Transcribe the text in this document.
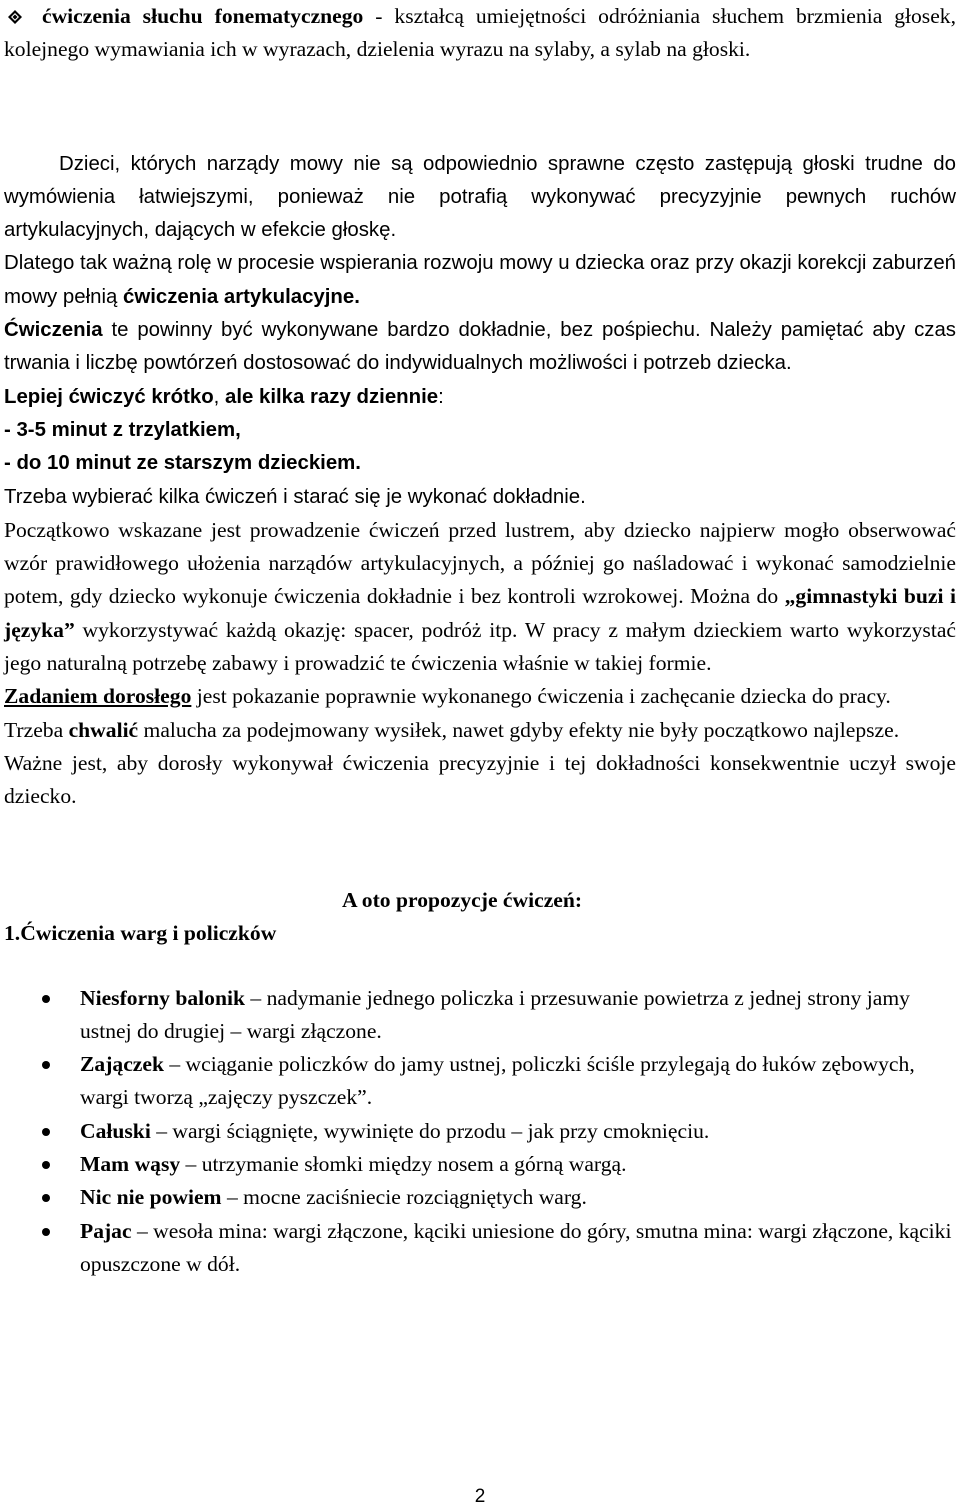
ćwiczenia słuchu fonematycznego - kształcą umiejętności odróżniania słuchem brzmienia głosek, kolejnego wymawiania ich w wyrazach, dzielenia wyrazu na sylaby, a sylab na głoski.

Dzieci, których narządy mowy nie są odpowiednio sprawne często zastępują głoski trudne do wymówienia łatwiejszymi, ponieważ nie potrafią wykonywać precyzyjnie pewnych ruchów artykulacyjnych, dających w efekcie głoskę.

Dlatego tak ważną rolę w procesie wspierania rozwoju mowy u dziecka oraz przy okazji korekcji zaburzeń mowy pełnią ćwiczenia artykulacyjne.

Ćwiczenia te powinny być wykonywane bardzo dokładnie, bez pośpiechu. Należy pamiętać aby czas trwania i liczbę powtórzeń dostosować do indywidualnych możliwości i potrzeb dziecka.

Lepiej ćwiczyć krótko, ale kilka razy dziennie:

- 3-5 minut z trzylatkiem,

- do 10 minut ze starszym dzieckiem.

Trzeba wybierać kilka ćwiczeń i starać się je wykonać dokładnie.

Początkowo wskazane jest prowadzenie ćwiczeń przed lustrem, aby dziecko najpierw mogło obserwować wzór prawidłowego ułożenia narządów artykulacyjnych, a później go naśladować i wykonać samodzielnie potem, gdy dziecko wykonuje ćwiczenia dokładnie i bez kontroli wzrokowej. Można do „gimnastyki buzi i języka” wykorzystywać każdą okazję: spacer, podróż itp. W pracy z małym dzieckiem warto wykorzystać jego naturalną potrzebę zabawy i prowadzić te ćwiczenia właśnie w takiej formie.

Zadaniem dorosłego jest pokazanie poprawnie wykonanego ćwiczenia i zachęcanie dziecka do pracy.

Trzeba chwalić malucha za podejmowany wysiłek, nawet gdyby efekty nie były początkowo najlepsze.

Ważne jest, aby dorosły wykonywał ćwiczenia precyzyjnie i tej dokładności konsekwentnie uczył swoje dziecko.

A oto propozycje ćwiczeń:

1.Ćwiczenia warg i policzków

Niesforny balonik – nadymanie jednego policzka i przesuwanie powietrza z jednej strony jamy ustnej do drugiej – wargi złączone.
Zajączek – wciąganie policzków do jamy ustnej, policzki ściśle przylegają do łuków zębowych, wargi tworzą „zajęczy pyszczek”.
Całuski – wargi ściągnięte, wywinięte do przodu – jak przy cmoknięciu.
Mam wąsy – utrzymanie słomki między nosem a górną wargą.
Nic nie powiem – mocne zaciśniecie rozciągniętych warg.
Pajac – wesoła mina: wargi złączone, kąciki uniesione do góry, smutna mina: wargi złączone, kąciki opuszczone w dół.
2
